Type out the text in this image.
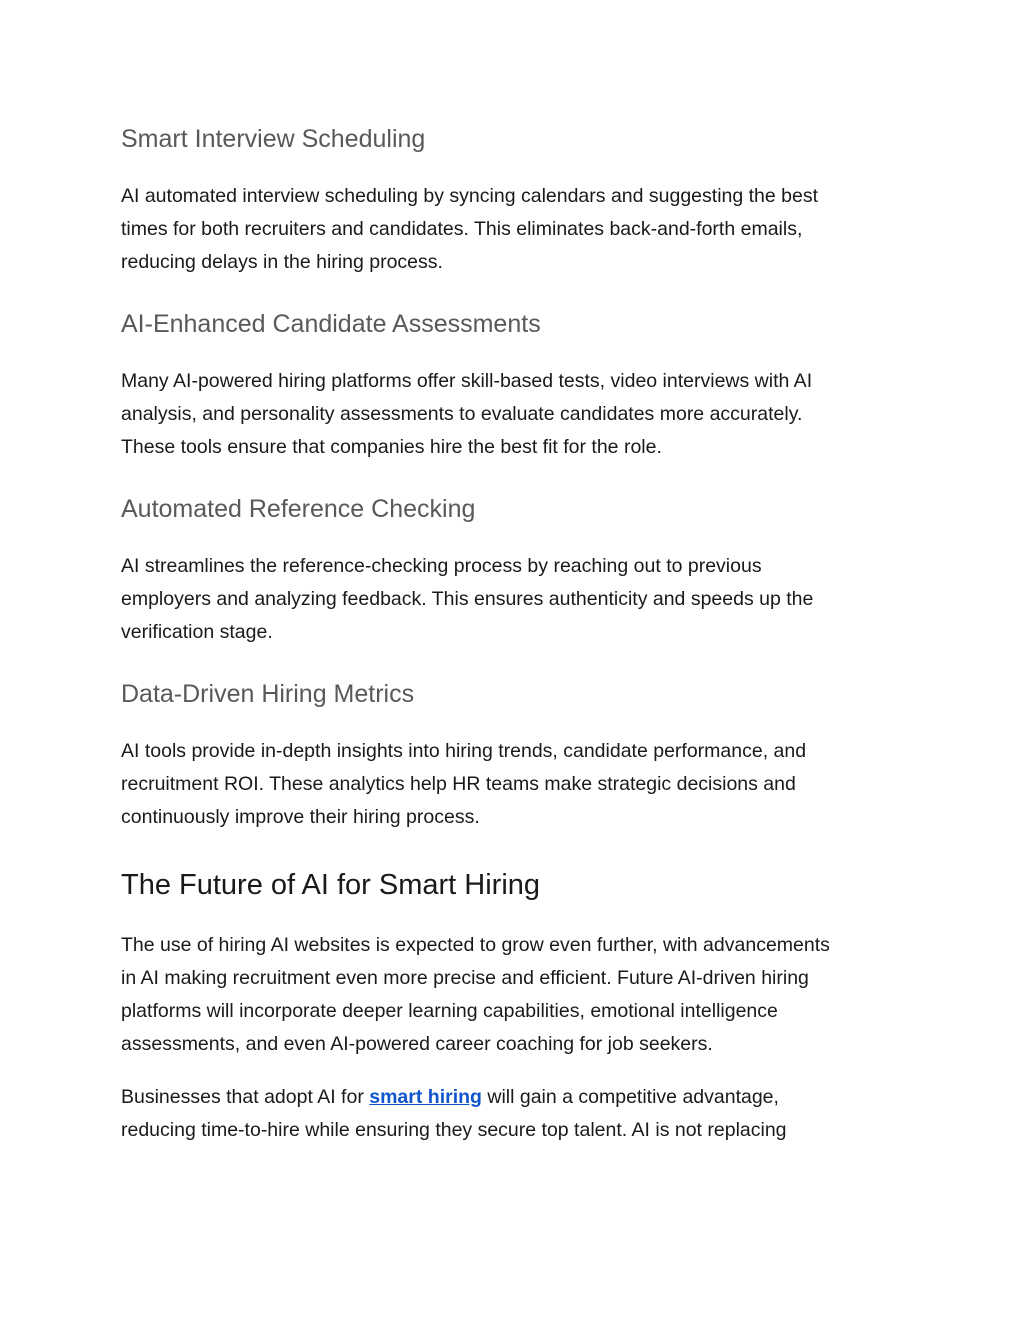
Smart Interview Scheduling

AI automated interview scheduling by syncing calendars and suggesting the best
times for both recruiters and candidates. This eliminates back-and-forth emails,
reducing delays in the hiring process.

AI-Enhanced Candidate Assessments

Many AI-powered hiring platforms offer skill-based tests, video interviews with AI
analysis, and personality assessments to evaluate candidates more accurately.
These tools ensure that companies hire the best fit for the role.

Automated Reference Checking

AI streamlines the reference-checking process by reaching out to previous
employers and analyzing feedback. This ensures authenticity and speeds up the
verification stage.

Data-Driven Hiring Metrics

AI tools provide in-depth insights into hiring trends, candidate performance, and
recruitment ROI. These analytics help HR teams make strategic decisions and
continuously improve their hiring process.

The Future of AI for Smart Hiring

The use of hiring AI websites is expected to grow even further, with advancements
in AI making recruitment even more precise and efficient. Future AI-driven hiring
platforms will incorporate deeper learning capabilities, emotional intelligence
assessments, and even AI-powered career coaching for job seekers.

Businesses that adopt AI for smart hiring will gain a competitive advantage,
reducing time-to-hire while ensuring they secure top talent. AI is not replacing
